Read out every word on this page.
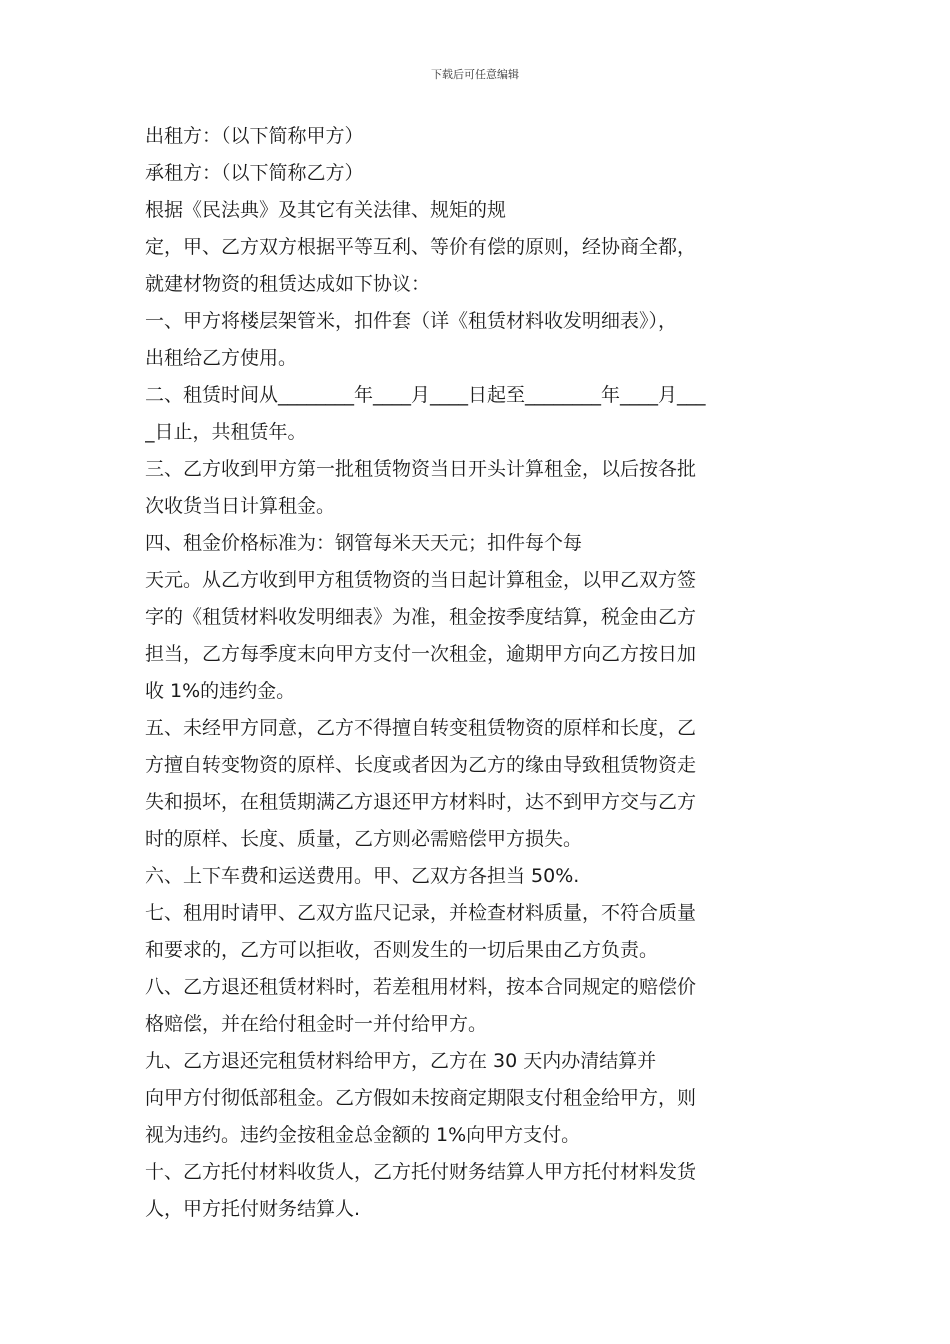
下载后可任意编辑
出租方：（以下简称甲方）
承租方：（以下简称乙方）
根据《民法典》及其它有关法律、规矩的规
定，甲、乙方双方根据平等互利、等价有偿的原则，经协商全都，
就建材物资的租赁达成如下协议：
一、甲方将楼层架管米，扣件套（详《租赁材料收发明细表》），
出租给乙方使用。
二、租赁时间从________年____月____日起至________年____月___
_日止，共租赁年。
三、乙方收到甲方第一批租赁物资当日开头计算租金，以后按各批
次收货当日计算租金。
四、租金价格标准为：钢管每米天天元；扣件每个每
天元。从乙方收到甲方租赁物资的当日起计算租金，以甲乙双方签
字的《租赁材料收发明细表》为准，租金按季度结算，税金由乙方
担当，乙方每季度末向甲方支付一次租金，逾期甲方向乙方按日加
收 1%的违约金。
五、未经甲方同意，乙方不得擅自转变租赁物资的原样和长度，乙
方擅自转变物资的原样、长度或者因为乙方的缘由导致租赁物资走
失和损坏，在租赁期满乙方退还甲方材料时，达不到甲方交与乙方
时的原样、长度、质量，乙方则必需赔偿甲方损失。
六、上下车费和运送费用。甲、乙双方各担当 50%.
七、租用时请甲、乙双方监尺记录，并检查材料质量，不符合质量
和要求的，乙方可以拒收，否则发生的一切后果由乙方负责。
八、乙方退还租赁材料时，若差租用材料，按本合同规定的赔偿价
格赔偿，并在给付租金时一并付给甲方。
九、乙方退还完租赁材料给甲方，乙方在 30 天内办清结算并
向甲方付彻低部租金。乙方假如未按商定期限支付租金给甲方，则
视为违约。违约金按租金总金额的 1%向甲方支付。
十、乙方托付材料收货人，乙方托付财务结算人甲方托付材料发货
人，甲方托付财务结算人.
